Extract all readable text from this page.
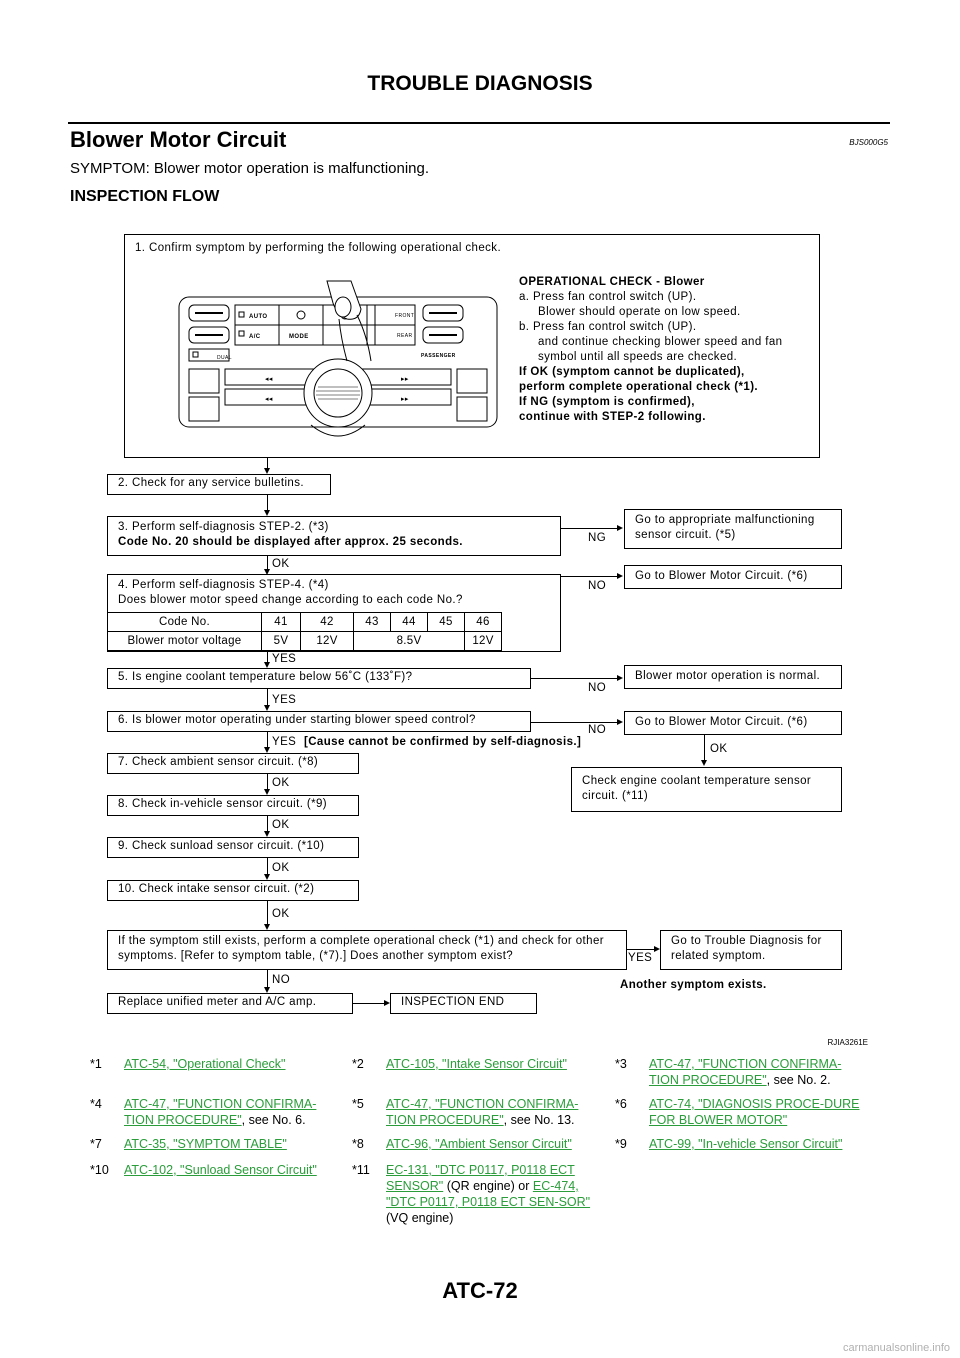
TROUBLE DIAGNOSIS
Blower Motor Circuit	BJS000G5
SYMPTOM: Blower motor operation is malfunctioning.
INSPECTION FLOW
1. Confirm symptom by performing the following operational check.
OPERATIONAL CHECK - Blower
a. Press fan control switch (UP).
Blower should operate on low speed.
b. Press fan control switch (UP).
and continue checking blower speed and fan
symbol until all speeds are checked.
If OK (symptom cannot be duplicated),
perform complete operational check (*1).
If NG (symptom is confirmed),
continue with STEP-2 following.
DUAL
AUTO
A/C	MODE
FRONT
REAR
PASSENGER
◂◂
◂◂
▸▸
▸▸
2. Check for any service bulletins.
3. Perform self-diagnosis STEP-2. (*3)
Code No. 20 should be displayed after approx. 25 seconds.	NG
Go to appropriate malfunctioning sensor circuit. (*5)
OK
4. Perform self-diagnosis STEP-4. (*4)
Does blower motor speed change according to each code No.?
Code No.	41	42	43	44	45	46
Blower motor voltage	5V	12V	8.5V			12V
NO
Go to Blower Motor Circuit. (*6)
YES
5. Is engine coolant temperature below 56˚C (133˚F)?
NO
Blower motor operation is normal.
YES
6. Is blower motor operating under starting blower speed control?
NO
Go to Blower Motor Circuit. (*6)
YES [Cause cannot be confirmed by self-diagnosis.]
OK
Check engine coolant temperature sensor circuit. (*11)
7. Check ambient sensor circuit. (*8)
OK
8. Check in-vehicle sensor circuit. (*9)
OK
9. Check sunload sensor circuit. (*10)
OK
10. Check intake sensor circuit. (*2)
OK
If the symptom still exists, perform a complete operational check (*1) and check for other symptoms. [Refer to symptom table, (*7).] Does another symptom exist?	YES
Go to Trouble Diagnosis for related symptom.
Another symptom exists.
NO
Replace unified meter and A/C amp.	INSPECTION END
RJIA3261E
*1 ATC-54, "Operational Check"	*2 ATC-105, "Intake Sensor Circuit"	*3 ATC-47, "FUNCTION CONFIRMA-TION PROCEDURE", see No. 2.
*4 ATC-47, "FUNCTION CONFIRMA-TION PROCEDURE", see No. 6.
*5 ATC-47, "FUNCTION CONFIRMA-TION PROCEDURE", see No. 13.
*6 ATC-74, "DIAGNOSIS PROCE-DURE FOR BLOWER MOTOR"
*7 ATC-35, "SYMPTOM TABLE"	*8 ATC-96, "Ambient Sensor Circuit"	*9 ATC-99, "In-vehicle Sensor Circuit"
*10 ATC-102, "Sunload Sensor Circuit"	*11 EC-131, "DTC P0117, P0118 ECT SENSOR" (QR engine) or EC-474, "DTC P0117, P0118 ECT SEN-SOR" (VQ engine)
ATC-72
carmanualsonline.info
